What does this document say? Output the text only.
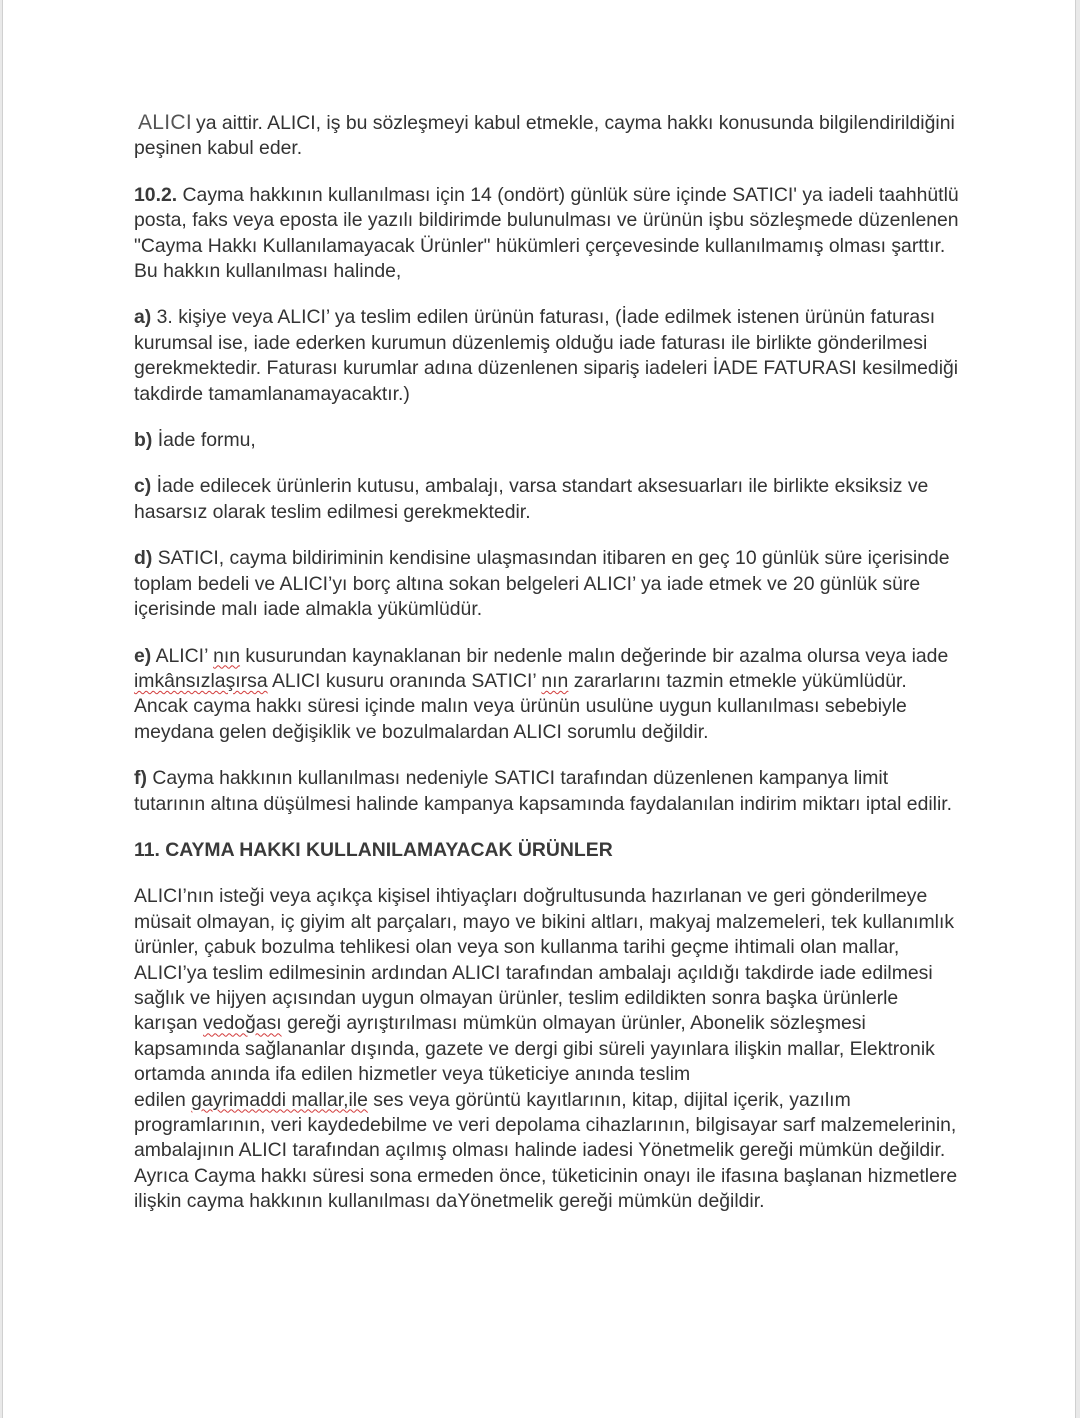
ALICI ya aittir. ALICI, iş bu sözleşmeyi kabul etmekle, cayma hakkı konusunda bilgilendirildiğini peşinen kabul eder.

10.2. Cayma hakkının kullanılması için 14 (ondört) günlük süre içinde SATICI' ya iadeli taahhütlü posta, faks veya eposta ile yazılı bildirimde bulunulması ve ürünün işbu sözleşmede düzenlenen "Cayma Hakkı Kullanılamayacak Ürünler" hükümleri çerçevesinde kullanılmamış olması şarttır. Bu hakkın kullanılması halinde,

a) 3. kişiye veya ALICI’ ya teslim edilen ürünün faturası, (İade edilmek istenen ürünün faturası kurumsal ise, iade ederken kurumun düzenlemiş olduğu iade faturası ile birlikte gönderilmesi gerekmektedir. Faturası kurumlar adına düzenlenen sipariş iadeleri İADE FATURASI kesilmediği takdirde tamamlanamayacaktır.)

b) İade formu,

c) İade edilecek ürünlerin kutusu, ambalajı, varsa standart aksesuarları ile birlikte eksiksiz ve hasarsız olarak teslim edilmesi gerekmektedir.

d) SATICI, cayma bildiriminin kendisine ulaşmasından itibaren en geç 10 günlük süre içerisinde toplam bedeli ve ALICI’yı borç altına sokan belgeleri ALICI’ ya iade etmek ve 20 günlük süre içerisinde malı iade almakla yükümlüdür.

e) ALICI’ nın kusurundan kaynaklanan bir nedenle malın değerinde bir azalma olursa veya iade imkânsızlaşırsa ALICI kusuru oranında SATICI’ nın zararlarını tazmin etmekle yükümlüdür. Ancak cayma hakkı süresi içinde malın veya ürünün usulüne uygun kullanılması sebebiyle meydana gelen değişiklik ve bozulmalardan ALICI sorumlu değildir.

f) Cayma hakkının kullanılması nedeniyle SATICI tarafından düzenlenen kampanya limit tutarının altına düşülmesi halinde kampanya kapsamında faydalanılan indirim miktarı iptal edilir.

11. CAYMA HAKKI KULLANILAMAYACAK ÜRÜNLER

ALICI’nın isteği veya açıkça kişisel ihtiyaçları doğrultusunda hazırlanan ve geri gönderilmeye müsait olmayan, iç giyim alt parçaları, mayo ve bikini altları, makyaj malzemeleri, tek kullanımlık ürünler, çabuk bozulma tehlikesi olan veya son kullanma tarihi geçme ihtimali olan mallar, ALICI’ya teslim edilmesinin ardından ALICI tarafından ambalajı açıldığı takdirde iade edilmesi sağlık ve hijyen açısından uygun olmayan ürünler, teslim edildikten sonra başka ürünlerle karışan vedoğası gereği ayrıştırılması mümkün olmayan ürünler, Abonelik sözleşmesi kapsamında sağlananlar dışında, gazete ve dergi gibi süreli yayınlara ilişkin mallar, Elektronik ortamda anında ifa edilen hizmetler veya tüketiciye anında teslim
edilen gayrimaddi mallar,ile ses veya görüntü kayıtlarının, kitap, dijital içerik, yazılım programlarının, veri kaydedebilme ve veri depolama cihazlarının, bilgisayar sarf malzemelerinin, ambalajının ALICI tarafından açılmış olması halinde iadesi Yönetmelik gereği mümkün değildir. Ayrıca Cayma hakkı süresi sona ermeden önce, tüketicinin onayı ile ifasına başlanan hizmetlere ilişkin cayma hakkının kullanılması daYönetmelik gereği mümkün değildir.
